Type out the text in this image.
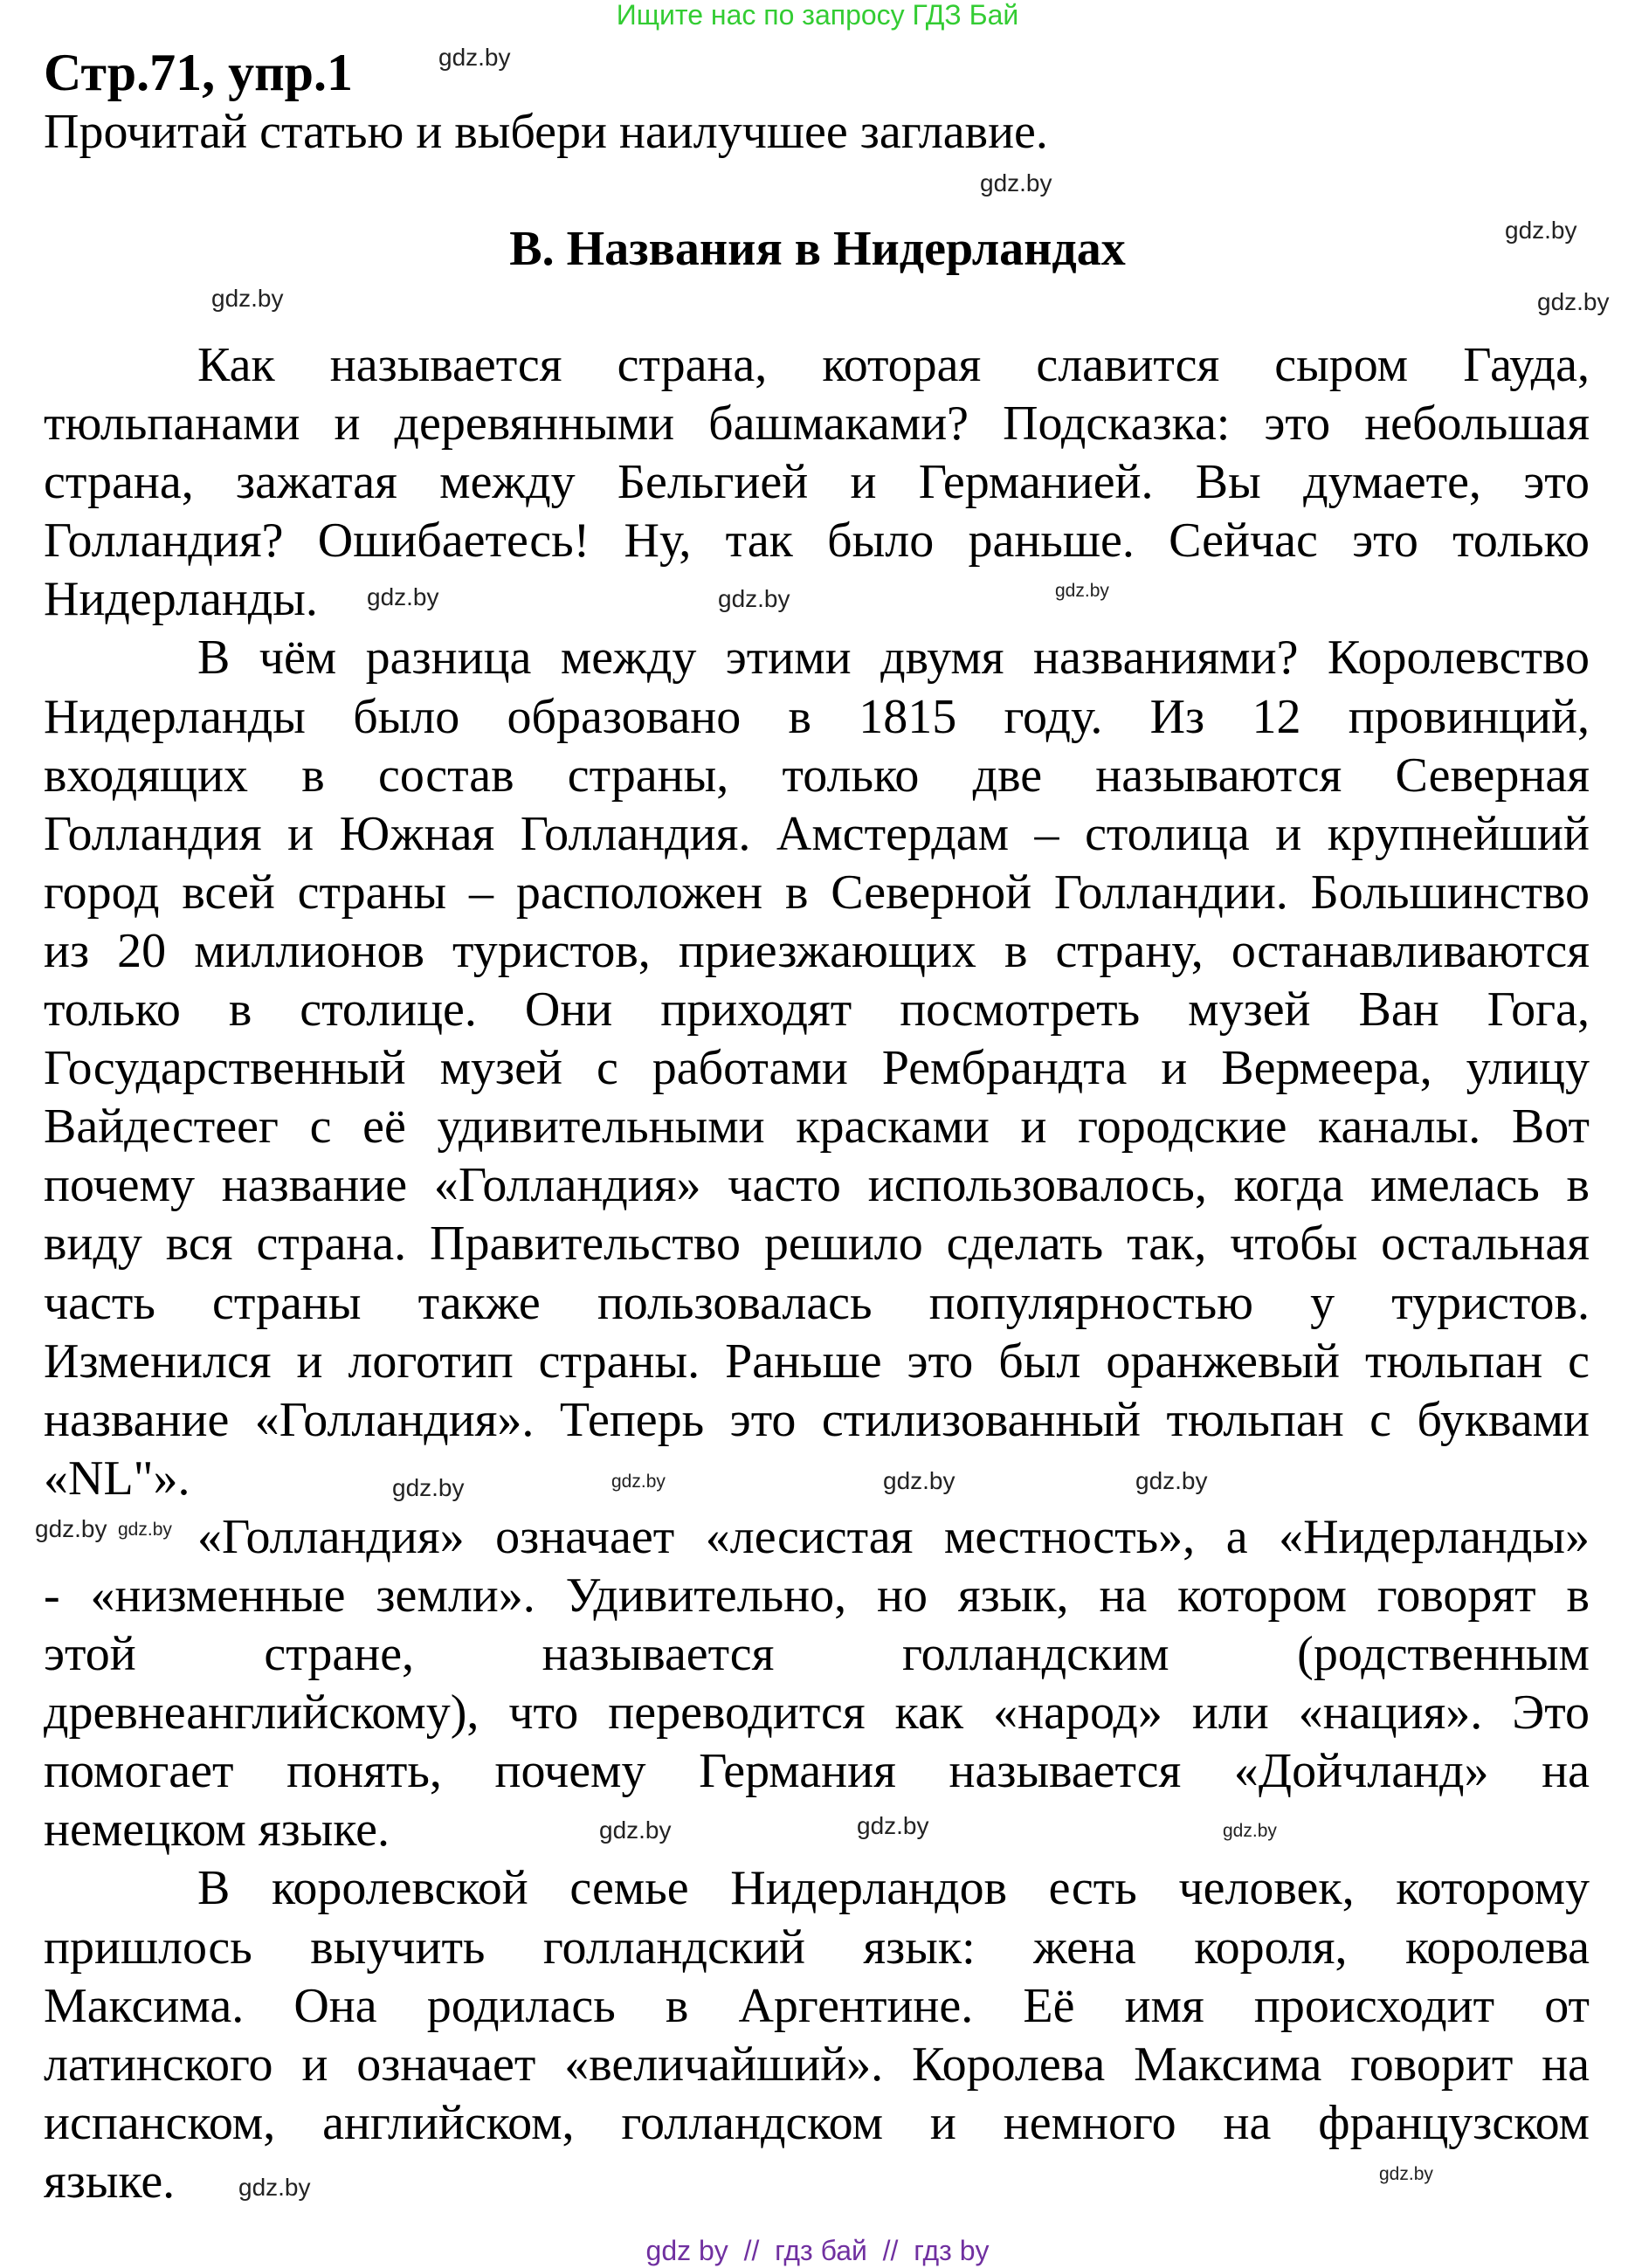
Ищите нас по запросу ГДЗ Бай
Стр.71, упр.1
Прочитай статью и выбери наилучшее заглавие.
B. Названия в Нидерландах
Как называется страна, которая славится сыром Гауда,
тюльпанами и деревянными башмаками? Подсказка: это небольшая
страна, зажатая между Бельгией и Германией. Вы думаете, это
Голландия? Ошибаетесь! Ну, так было раньше. Сейчас это только
Нидерланды.
В чём разница между этими двумя названиями? Королевство
Нидерланды было образовано в 1815 году. Из 12 провинций,
входящих в состав страны, только две называются Северная
Голландия и Южная Голландия. Амстердам – столица и крупнейший
город всей страны – расположен в Северной Голландии. Большинство
из 20 миллионов туристов, приезжающих в страну, останавливаются
только в столице. Они приходят посмотреть музей Ван Гога,
Государственный музей с работами Рембрандта и Вермеера, улицу
Вайдестеег с её удивительными красками и городские каналы. Вот
почему название «Голландия» часто использовалось, когда имелась в
виду вся страна. Правительство решило сделать так, чтобы остальная
часть страны также пользовалась популярностью у туристов.
Изменился и логотип страны. Раньше это был оранжевый тюльпан с
название «Голландия». Теперь это стилизованный тюльпан с буквами
«NL"».
«Голландия» означает «лесистая местность», а «Нидерланды»
- «низменные земли». Удивительно, но язык, на котором говорят в
этой стране, называется голландским (родственным
древнеанглийскому), что переводится как «народ» или «нация». Это
помогает понять, почему Германия называется «Дойчланд» на
немецком языке.
В королевской семье Нидерландов есть человек, которому
пришлось выучить голландский язык: жена короля, королева
Максима. Она родилась в Аргентине. Её имя происходит от
латинского и означает «величайший». Королева Максима говорит на
испанском, английском, голландском и немного на французском
языке.
gdz by  //  гдз бай  //  гдз by
gdz.by
gdz.by
gdz.by
gdz.by
gdz.by
gdz.by	gdz.by
gdz.by
gdz.by
gdz.by
gdz.by
gdz.by
gdz.by
gdz.by
gdz.by
gdz.by
gdz.by
gdz.by
gdz.by
